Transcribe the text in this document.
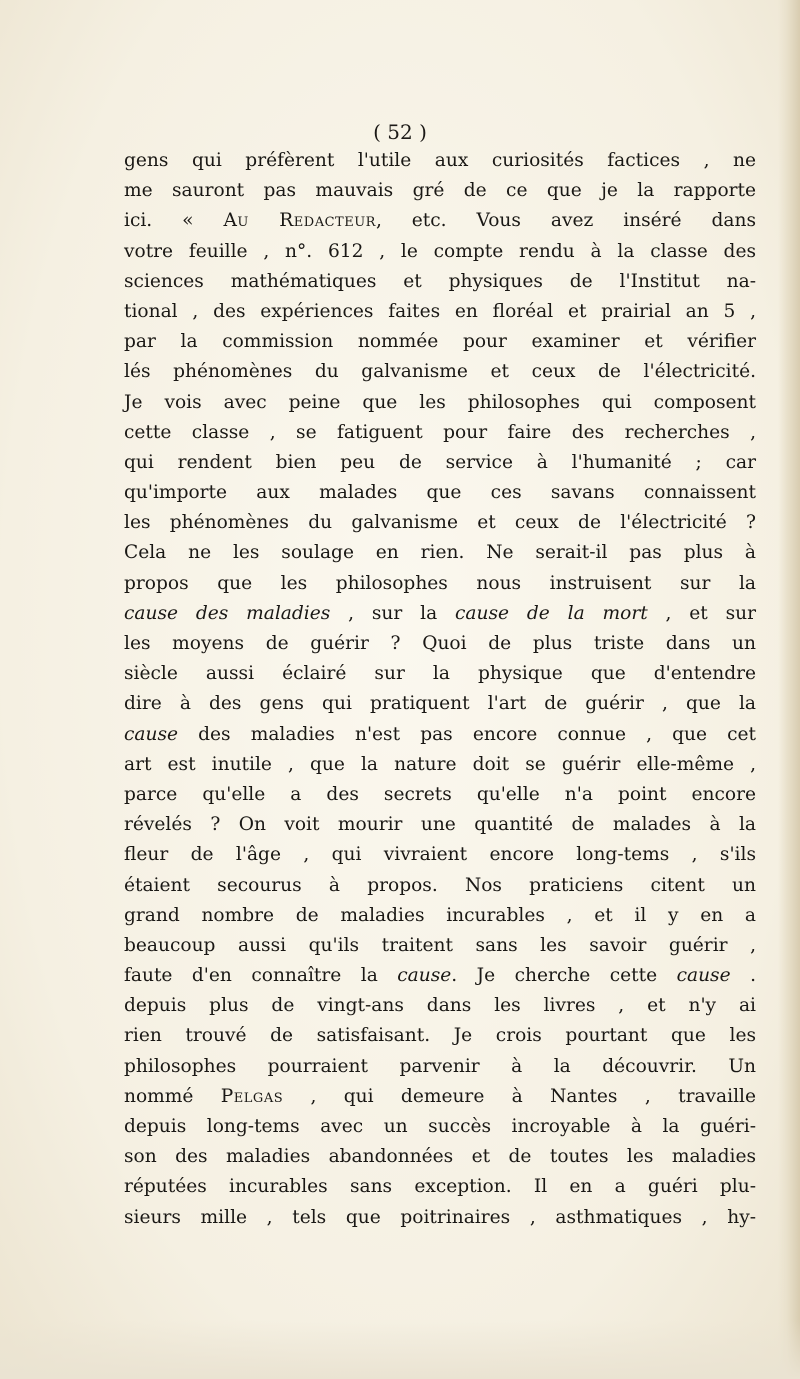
( 52 )
gens qui préfèrent l'utile aux curiosités factices , ne
me sauront pas mauvais gré de ce que je la rapporte
ici. « Au Redacteur, etc. Vous avez inséré dans
votre feuille , n°. 612 , le compte rendu à la classe des
sciences mathématiques et physiques de l'Institut na-
tional , des expériences faites en floréal et prairial an 5 ,
par la commission nommée pour examiner et vérifier
lés phénomènes du galvanisme et ceux de l'électricité.
Je vois avec peine que les philosophes qui composent
cette classe , se fatiguent pour faire des recherches ,
qui rendent bien peu de service à l'humanité ; car
qu'importe aux malades que ces savans connaissent
les phénomènes du galvanisme et ceux de l'électricité ?
Cela ne les soulage en rien. Ne serait-il pas plus à
propos que les philosophes nous instruisent sur la
cause des maladies , sur la cause de la mort , et sur
les moyens de guérir ? Quoi de plus triste dans un
siècle aussi éclairé sur la physique que d'entendre
dire à des gens qui pratiquent l'art de guérir , que la
cause des maladies n'est pas encore connue , que cet
art est inutile , que la nature doit se guérir elle-même ,
parce qu'elle a des secrets qu'elle n'a point encore
révelés ? On voit mourir une quantité de malades à la
fleur de l'âge , qui vivraient encore long-tems , s'ils
étaient secourus à propos. Nos praticiens citent un
grand nombre de maladies incurables , et il y en a
beaucoup aussi qu'ils traitent sans les savoir guérir ,
faute d'en connaître la cause. Je cherche cette cause .
depuis plus de vingt-ans dans les livres , et n'y ai
rien trouvé de satisfaisant. Je crois pourtant que les
philosophes pourraient parvenir à la découvrir. Un
nommé Pelgas , qui demeure à Nantes , travaille
depuis long-tems avec un succès incroyable à la guéri-
son des maladies abandonnées et de toutes les maladies
réputées incurables sans exception. Il en a guéri plu-
sieurs mille , tels que poitrinaires , asthmatiques , hy-
